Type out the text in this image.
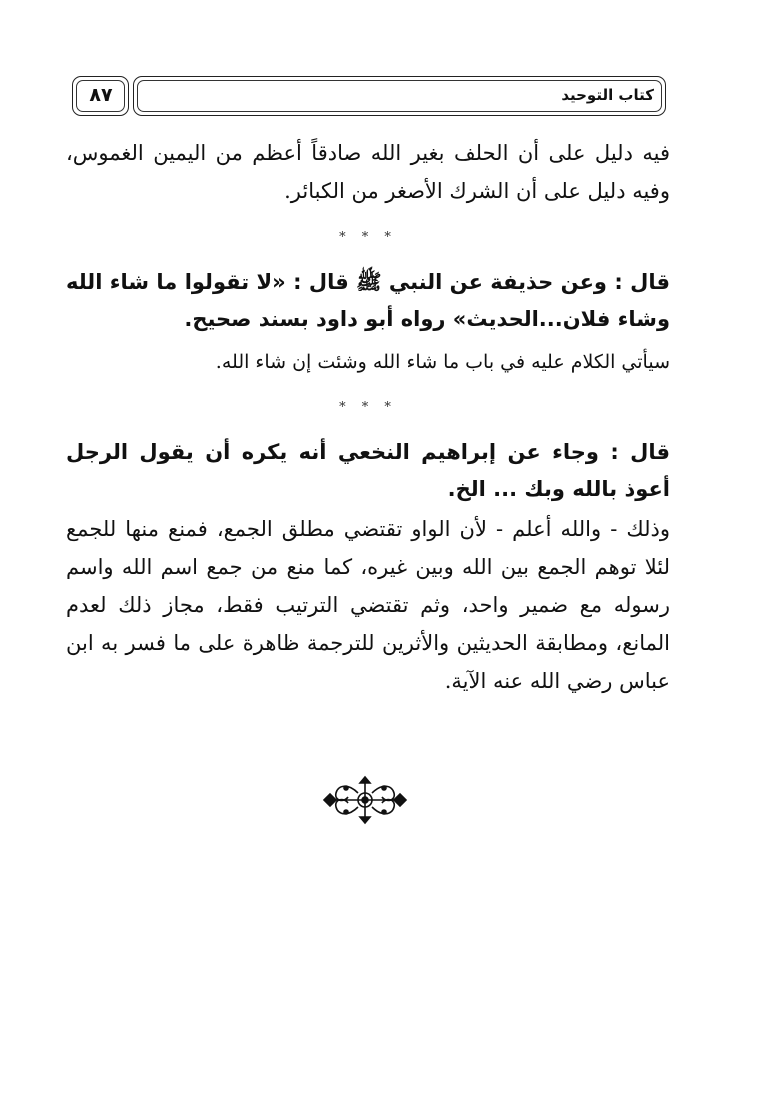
كتاب التوحيد
٨٧
فيه دليل على أن الحلف بغير الله صادقاً أعظم من اليمين الغموس، وفيه دليل على أن الشرك الأصغر من الكبائر.
* * *
قال : وعن حذيفة عن النبي ﷺ قال : «لا تقولوا ما شاء الله وشاء فلان...الحديث» رواه أبو داود بسند صحيح.
سيأتي الكلام عليه في باب ما شاء الله وشئت إن شاء الله.
* * *
قال : وجاء عن إبراهيم النخعي أنه يكره أن يقول الرجل أعوذ بالله وبك ... الخ.
وذلك - والله أعلم - لأن الواو تقتضي مطلق الجمع، فمنع منها للجمع لئلا توهم الجمع بين الله وبين غيره، كما منع من جمع اسم الله واسم رسوله مع ضمير واحد، وثم تقتضي الترتيب فقط، مجاز ذلك لعدم المانع، ومطابقة الحديثين والأثرين للترجمة ظاهرة على ما فسر به ابن عباس رضي الله عنه الآية.
